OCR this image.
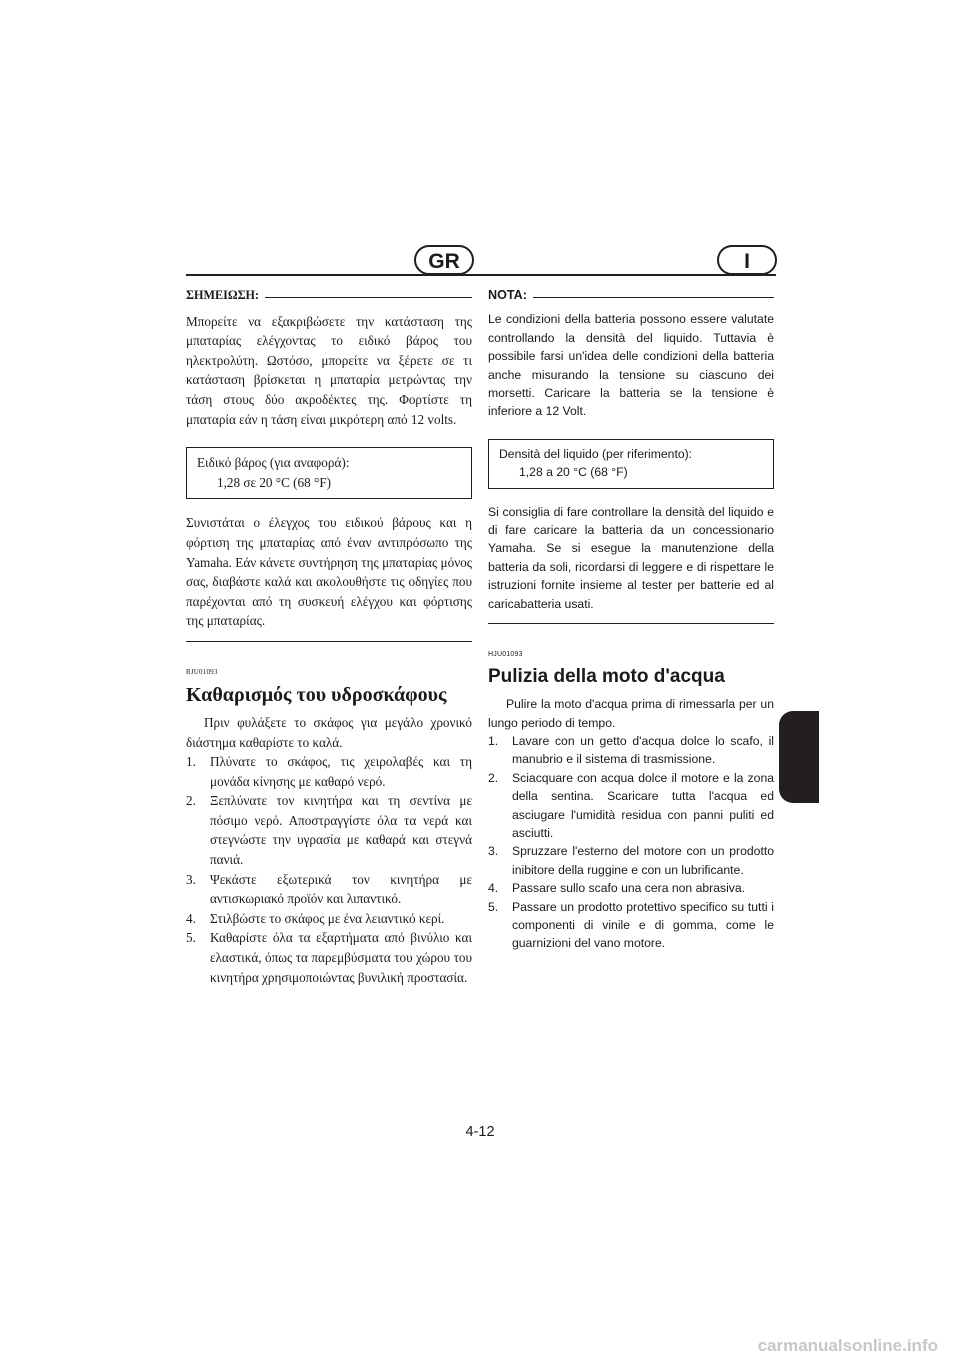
GR	I
ΣΗΜΕΙΩΣΗ:

Μπορείτε να εξακριβώσετε την κατάσταση της μπαταρίας ελέγχοντας το ειδικό βάρος του ηλεκτρολύτη. Ωστόσο, μπορείτε να ξέρετε σε τι κατάσταση βρίσκεται η μπαταρία μετρώντας την τάση στους δύο ακροδέκτες της. Φορτίστε τη μπαταρία εάν η τάση είναι μικρότερη από 12 volts.

Ειδικό βάρος (για αναφορά):
1,28 σε 20 °C (68 °F)

Συνιστάται ο έλεγχος του ειδικού βάρους και η φόρτιση της μπαταρίας από έναν αντιπρόσωπο της Yamaha. Εάν κάνετε συντήρηση της μπαταρίας μόνος σας, διαβάστε καλά και ακολουθήστε τις οδηγίες που παρέχονται από τη συσκευή ελέγχου και φόρτισης της μπαταρίας.

RJU01093
Καθαρισμός του υδροσκάφους

Πριν φυλάξετε το σκάφος για μεγάλο χρονικό διάστημα καθαρίστε το καλά.

1. Πλύνατε το σκάφος, τις χειρολαβές και τη μονάδα κίνησης με καθαρό νερό.
2. Ξεπλύνατε τον κινητήρα και τη σεντίνα με πόσιμο νερό. Αποστραγγίστε όλα τα νερά και στεγνώστε την υγρασία με καθαρά και στεγνά πανιά.
3. Ψεκάστε εξωτερικά τον κινητήρα με αντισκωριακό προϊόν και λιπαντικό.
4. Στιλβώστε το σκάφος με ένα λειαντικό κερί.
5. Καθαρίστε όλα τα εξαρτήματα από βινύλιο και ελαστικά, όπως τα παρεμβύσματα του χώρου του κινητήρα χρησιμοποιώντας βυνιλική προστασία.
NOTA:

Le condizioni della batteria possono essere valutate controllando la densità del liquido. Tuttavia è possibile farsi un'idea delle condizioni della batteria anche misurando la tensione su ciascuno dei morsetti. Caricare la batteria se la tensione è inferiore a 12 Volt.

Densità del liquido (per riferimento):
1,28 a 20 °C (68 °F)

Si consiglia di fare controllare la densità del liquido e di fare caricare la batteria da un concessionario Yamaha. Se si esegue la manutenzione della batteria da soli, ricordarsi di leggere e di rispettare le istruzioni fornite insieme al tester per batterie ed al caricabatteria usati.

HJU01093
Pulizia della moto d'acqua

Pulire la moto d'acqua prima di rimessarla per un lungo periodo di tempo.

1. Lavare con un getto d'acqua dolce lo scafo, il manubrio e il sistema di trasmissione.
2. Sciacquare con acqua dolce il motore e la zona della sentina. Scaricare tutta l'acqua ed asciugare l'umidità residua con panni puliti ed asciutti.
3. Spruzzare l'esterno del motore con un prodotto inibitore della ruggine e con un lubrificante.
4. Passare sullo scafo una cera non abrasiva.
5. Passare un prodotto protettivo specifico su tutti i componenti di vinile e di gomma, come le guarnizioni del vano motore.
4-12
carmanualsonline.info
